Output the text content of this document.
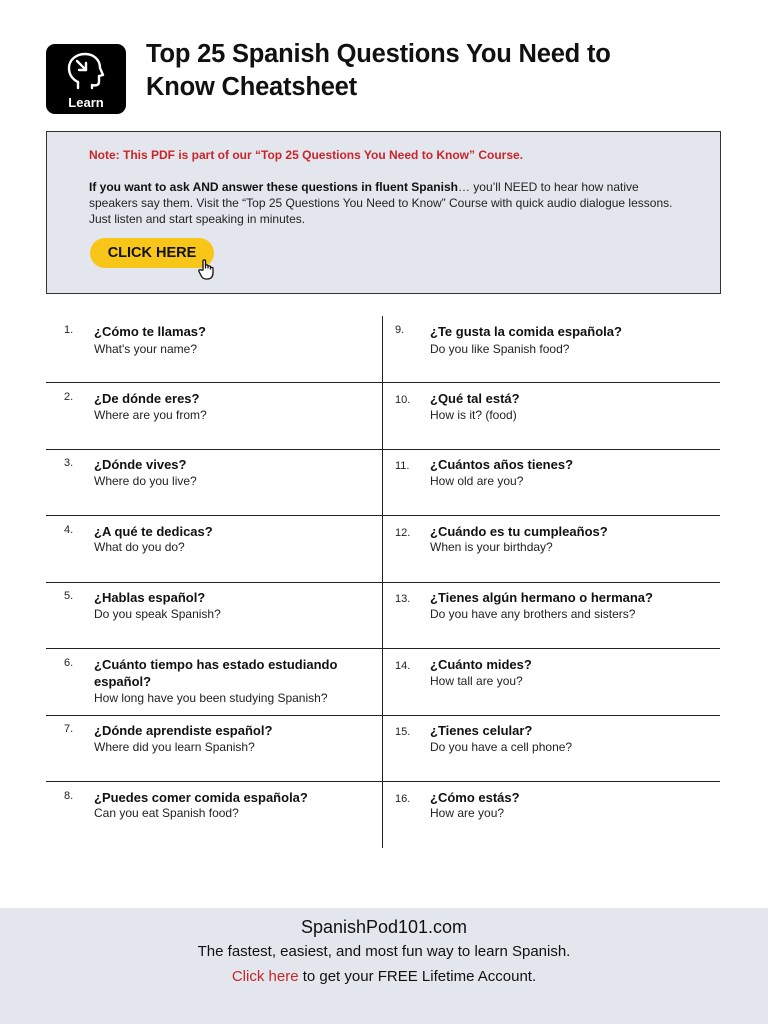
Learn
Top 25 Spanish Questions You Need to Know Cheatsheet
Note: This PDF is part of our “Top 25 Questions You Need to Know” Course.
If you want to ask AND answer these questions in fluent Spanish… you’ll NEED to hear how native speakers say them. Visit the “Top 25 Questions You Need to Know” Course with quick audio dialogue lessons. Just listen and start speaking in minutes.
CLICK HERE
1. ¿Cómo te llamas?
What's your name?
9. ¿Te gusta la comida española?
Do you like Spanish food?
2. ¿De dónde eres?
Where are you from?
10. ¿Qué tal está?
How is it? (food)
3. ¿Dónde vives?
Where do you live?
11. ¿Cuántos años tienes?
How old are you?
4. ¿A qué te dedicas?
What do you do?
12. ¿Cuándo es tu cumpleaños?
When is your birthday?
5. ¿Hablas español?
Do you speak Spanish?
13. ¿Tienes algún hermano o hermana?
Do you have any brothers and sisters?
6. ¿Cuánto tiempo has estado estudiando español?
How long have you been studying Spanish?
14. ¿Cuánto mides?
How tall are you?
7. ¿Dónde aprendiste español?
Where did you learn Spanish?
15. ¿Tienes celular?
Do you have a cell phone?
8. ¿Puedes comer comida española?
Can you eat Spanish food?
16. ¿Cómo estás?
How are you?
SpanishPod101.com
The fastest, easiest, and most fun way to learn Spanish.
Click here to get your FREE Lifetime Account.
